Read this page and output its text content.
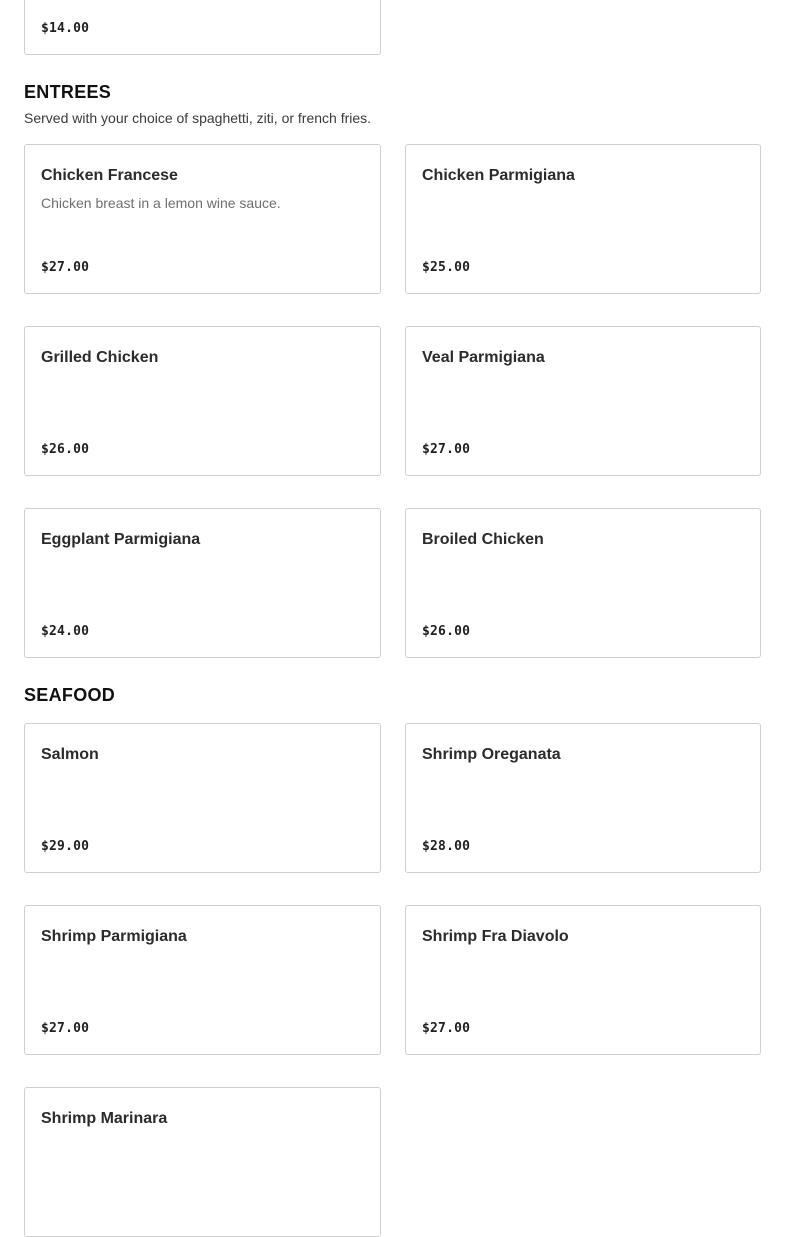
$14.00
ENTREES
Served with your choice of spaghetti, ziti, or french fries.
Chicken Francese
Chicken breast in a lemon wine sauce.
$27.00
Chicken Parmigiana
$25.00
Grilled Chicken
$26.00
Veal Parmigiana
$27.00
Eggplant Parmigiana
$24.00
Broiled Chicken
$26.00
SEAFOOD
Salmon
$29.00
Shrimp Oreganata
$28.00
Shrimp Parmigiana
$27.00
Shrimp Fra Diavolo
$27.00
Shrimp Marinara
